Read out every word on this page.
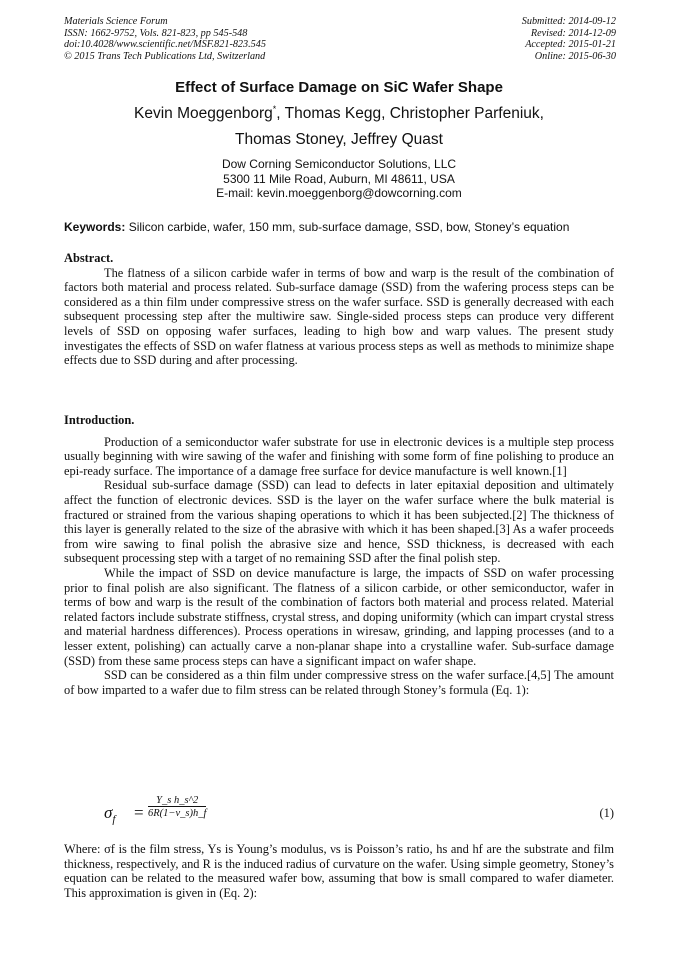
Materials Science Forum
ISSN: 1662-9752, Vols. 821-823, pp 545-548
doi:10.4028/www.scientific.net/MSF.821-823.545
© 2015 Trans Tech Publications Ltd, Switzerland
Submitted: 2014-09-12
Revised: 2014-12-09
Accepted: 2015-01-21
Online: 2015-06-30
Effect of Surface Damage on SiC Wafer Shape
Kevin Moeggenborg*, Thomas Kegg, Christopher Parfeniuk,
Thomas Stoney, Jeffrey Quast
Dow Corning Semiconductor Solutions, LLC
5300 11 Mile Road, Auburn, MI 48611, USA
E-mail: kevin.moeggenborg@dowcorning.com
Keywords: Silicon carbide, wafer, 150 mm, sub-surface damage, SSD, bow, Stoney’s equation
Abstract.

The flatness of a silicon carbide wafer in terms of bow and warp is the result of the combination of factors both material and process related. Sub-surface damage (SSD) from the wafering process steps can be considered as a thin film under compressive stress on the wafer surface. SSD is generally decreased with each subsequent processing step after the multiwire saw. Single-sided process steps can produce very different levels of SSD on opposing wafer surfaces, leading to high bow and warp values. The present study investigates the effects of SSD on wafer flatness at various process steps as well as methods to minimize shape effects due to SSD during and after processing.

Introduction.

Production of a semiconductor wafer substrate for use in electronic devices is a multiple step process usually beginning with wire sawing of the wafer and finishing with some form of fine polishing to produce an epi-ready surface. The importance of a damage free surface for device manufacture is well known.[1]

Residual sub-surface damage (SSD) can lead to defects in later epitaxial deposition and ultimately affect the function of electronic devices. SSD is the layer on the wafer surface where the bulk material is fractured or strained from the various shaping operations to which it has been subjected.[2] The thickness of this layer is generally related to the size of the abrasive with which it has been shaped.[3] As a wafer proceeds from wire sawing to final polish the abrasive size and hence, SSD thickness, is decreased with each subsequent processing step with a target of no remaining SSD after the final polish step.

While the impact of SSD on device manufacture is large, the impacts of SSD on wafer processing prior to final polish are also significant. The flatness of a silicon carbide, or other semiconductor, wafer in terms of bow and warp is the result of the combination of factors both material and process related. Material related factors include substrate stiffness, crystal stress, and doping uniformity (which can impart crystal stress and material hardness differences). Process operations in wiresaw, grinding, and lapping processes (and to a lesser extent, polishing) can actually carve a non-planar shape into a crystalline wafer. Sub-surface damage (SSD) from these same process steps can have a significant impact on wafer shape.

SSD can be considered as a thin film under compressive stress on the wafer surface.[4,5] The amount of bow imparted to a wafer due to film stress can be related through Stoney’s formula (Eq. 1):

$\sigma_f = \frac{\text{Y\_s h\_s\textasciicircum{}2}}{6R(1-\nu\_s)h\_f}$	(1)
Where: σf is the film stress, Ys is Young’s modulus, νs is Poisson’s ratio, hs and hf are the substrate and film thickness, respectively, and R is the induced radius of curvature on the wafer. Using simple geometry, Stoney’s equation can be related to the measured wafer bow, assuming that bow is small compared to wafer diameter. This approximation is given in (Eq. 2):
